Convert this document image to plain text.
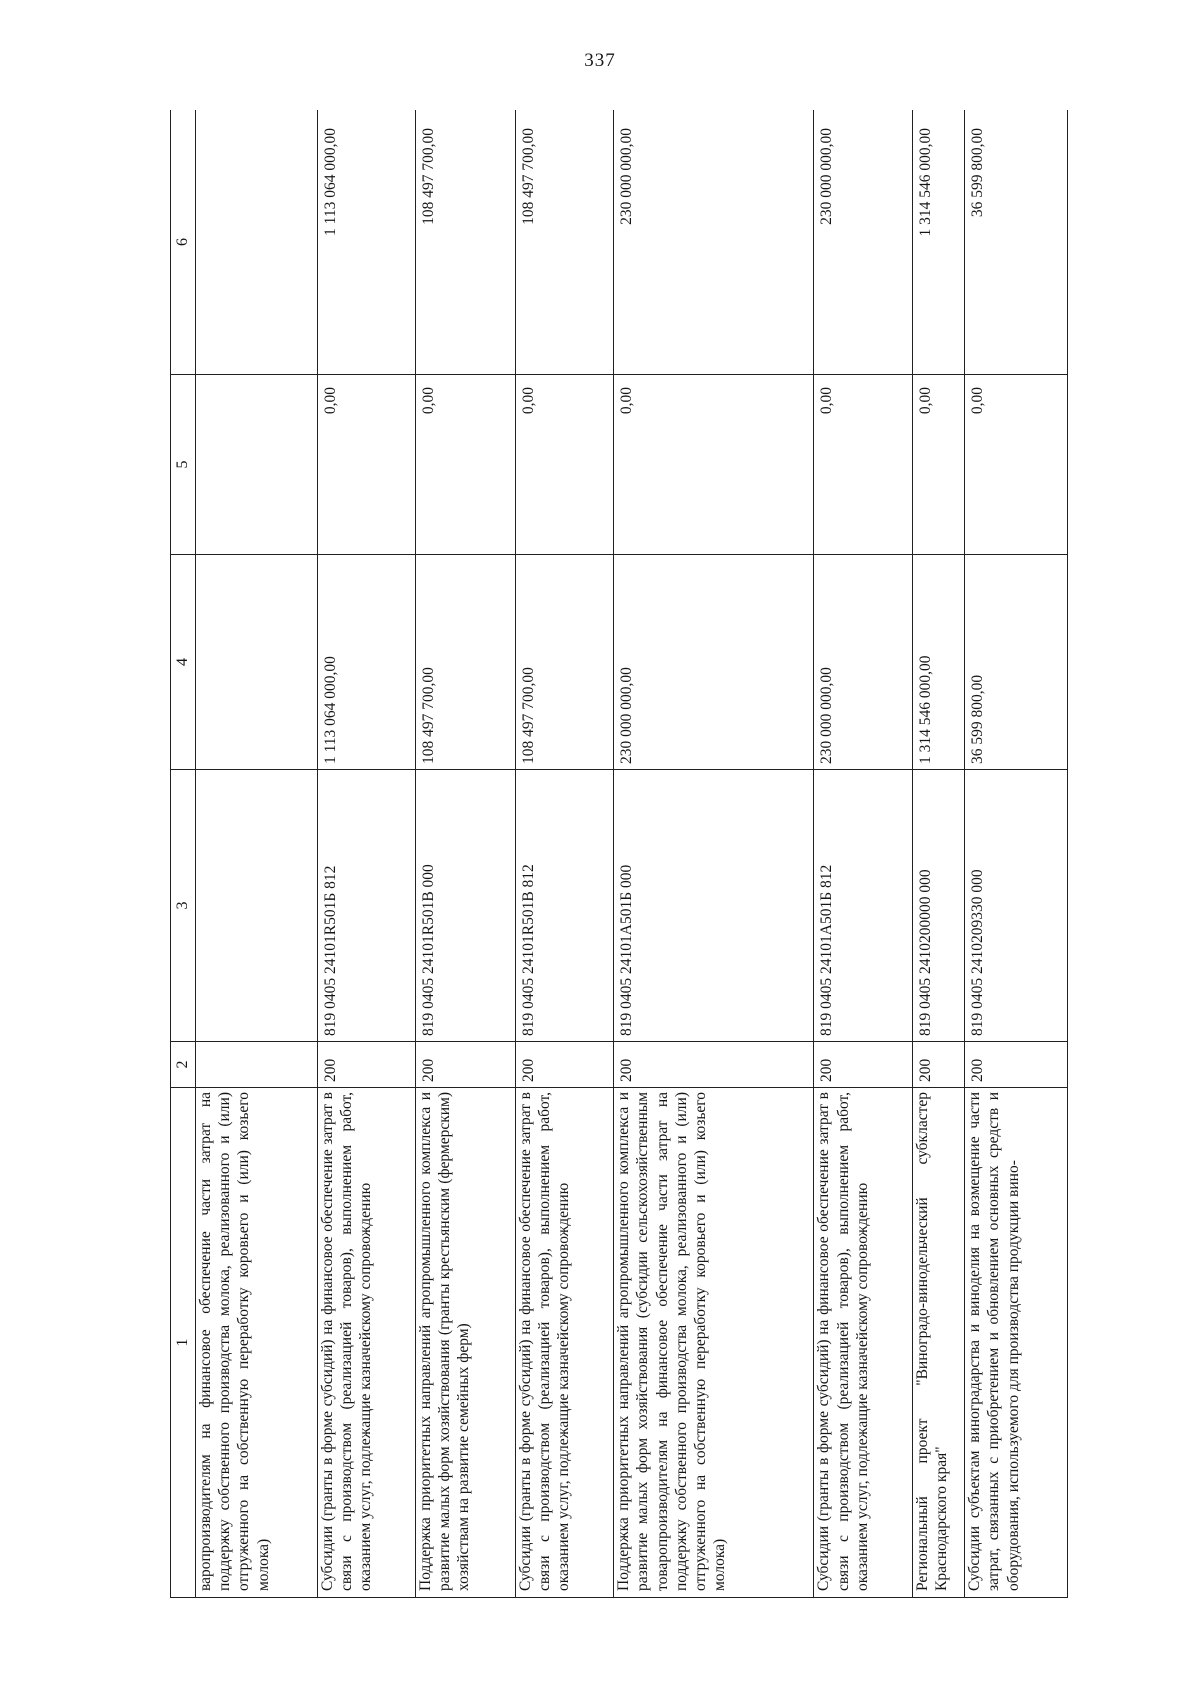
337
1	2	3	4	5	6

варопроизводителям на финансовое обеспечение части затрат на поддержку собственного производства молока, реализованного и (или) отгруженного на собственную переработку коровьего и (или) козьего молока)					

Субсидии (гранты в форме субсидий) на финансовое обеспечение затрат в связи с производством (реализацией товаров), выполнением работ, оказанием услуг, подлежащие казначейскому сопровождению	200	819 0405 24101R501Б 812	1 113 064 000,00	0,00	1 113 064 000,00

Поддержка приоритетных направлений агропромышленного комплекса и развитие малых форм хозяйствования (гранты крестьянским (фермерским) хозяйствам на развитие семейных ферм)	200	819 0405 24101R501В 000	108 497 700,00	0,00	108 497 700,00

Субсидии (гранты в форме субсидий) на финансовое обеспечение затрат в связи с производством (реализацией товаров), выполнением работ, оказанием услуг, подлежащие казначейскому сопровождению	200	819 0405 24101R501В 812	108 497 700,00	0,00	108 497 700,00

Поддержка приоритетных направлений агропромышленного комплекса и развитие малых форм хозяйствования (субсидии сельскохозяйственным товаропроизводителям на финансовое обеспечение части затрат на поддержку собственного производства молока, реализованного и (или) отгруженного на собственную переработку коровьего и (или) козьего молока)	200	819 0405 24101А501Б 000	230 000 000,00	0,00	230 000 000,00

Субсидии (гранты в форме субсидий) на финансовое обеспечение затрат в связи с производством (реализацией товаров), выполнением работ, оказанием услуг, подлежащие казначейскому сопровождению	200	819 0405 24101А501Б 812	230 000 000,00	0,00	230 000 000,00

Региональный проект "Виноградо-винодельческий субкластер Краснодарского края"	200	819 0405 2410200000 000	1 314 546 000,00	0,00	1 314 546 000,00

Субсидии субъектам виноградарства и виноделия на возмещение части затрат, связанных с приобретением и обновлением основных средств и оборудования, используемого для производства продукции вино-	200	819 0405 2410209330 000	36 599 800,00	0,00	36 599 800,00
